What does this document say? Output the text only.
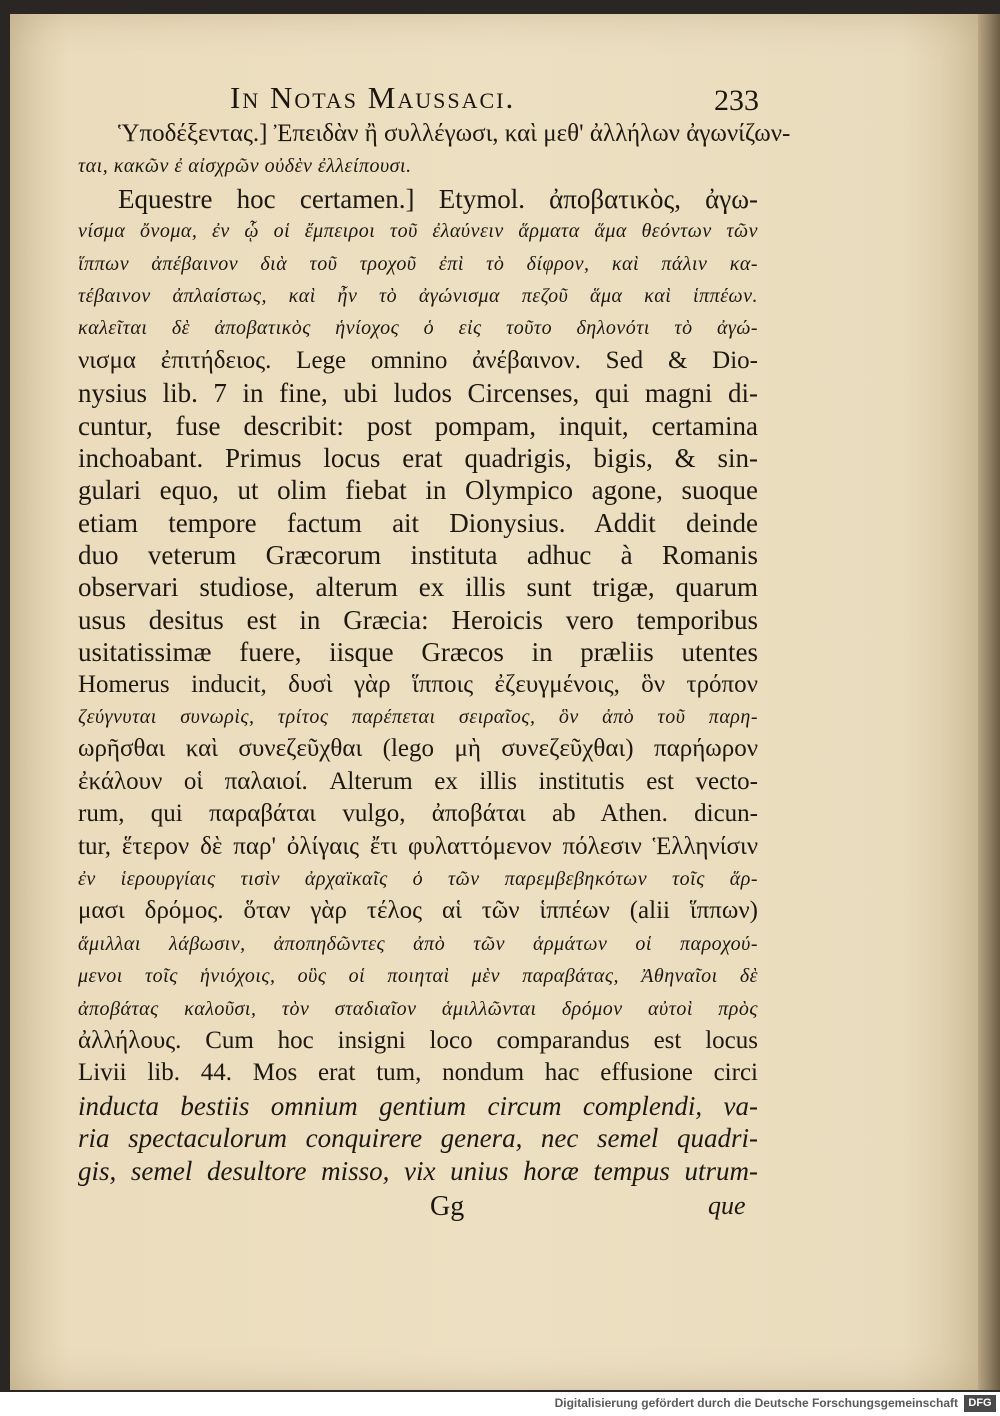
In Notas Maussaci.	233
Ὑποδέξεντας.] Ἐπειδὰν ἢ συλλέγωσι, καὶ μεθ' ἀλλήλων ἀγωνίζων-
ται, κακῶν ἐ αἰσχρῶν οὐδὲν ἐλλείπουσι.
Equestre hoc certamen.] Etymol. ἀποβατικὸς, ἀγω-
νίσμα ὄνομα, ἐν ᾧ οἱ ἔμπειροι τοῦ ἐλαύνειν ἅρματα ἅμα θεόντων τῶν
ἵππων ἀπέβαινον διὰ τοῦ τροχοῦ ἐπὶ τὸ δίφρον, καὶ πάλιν κα-
τέβαινον ἀπλαίστως, καὶ ἦν τὸ ἀγώνισμα πεζοῦ ἅμα καὶ ἱππέων.
καλεῖται δὲ ἀποβατικὸς ἡνίοχος ὁ εἰς τοῦτο δηλονότι τὸ ἀγώ-
νισμα ἐπιτήδειος. Lege omnino ἀνέβαινον. Sed & Dio-
nysius lib. 7 in fine, ubi ludos Circenses, qui magni di-
cuntur, fuse describit: post pompam, inquit, certamina
inchoabant. Primus locus erat quadrigis, bigis, & sin-
gulari equo, ut olim fiebat in Olympico agone, suoque
etiam tempore factum ait Dionysius. Addit deinde
duo veterum Græcorum instituta adhuc à Romanis
observari studiose, alterum ex illis sunt trigæ, quarum
usus desitus est in Græcia: Heroicis vero temporibus
usitatissimæ fuere, iisque Græcos in præliis utentes
Homerus inducit, δυσὶ γὰρ ἵπποις ἐζευγμένοις, ὃν τρόπον
ζεύγνυται συνωρὶς, τρίτος παρέπεται σειραῖος, ὃν ἀπὸ τοῦ παρη-
ωρῆσθαι καὶ συνεζεῦχθαι (lego μὴ συνεζεῦχθαι) παρήωρον
ἐκάλουν οἱ παλαιοί. Alterum ex illis institutis est vecto-
rum, qui παραβάται vulgo, ἀποβάται ab Athen. dicun-
tur, ἕτερον δὲ παρ' ὀλίγαις ἔτι φυλαττόμενον πόλεσιν Ἑλληνίσιν
ἐν ἱερουργίαις τισὶν ἀρχαϊκαῖς ὁ τῶν παρεμβεβηκότων τοῖς ἅρ-
μασι δρόμος. ὅταν γὰρ τέλος αἱ τῶν ἱππέων (alii ἵππων)
ἅμιλλαι λάβωσιν, ἀποπηδῶντες ἀπὸ τῶν ἁρμάτων οἱ παροχού-
μενοι τοῖς ἡνιόχοις, οὓς οἱ ποιηταὶ μὲν παραβάτας, Ἀθηναῖοι δὲ
ἀποβάτας καλοῦσι, τὸν σταδιαῖον ἁμιλλῶνται δρόμον αὐτοὶ πρὸς
ἀλλήλους. Cum hoc insigni loco comparandus est locus
Livii lib. 44. Mos erat tum, nondum hac effusione circi
inducta bestiis omnium gentium circum complendi, va-
ria spectaculorum conquirere genera, nec semel quadri-
gis, semel desultore misso, vix unius horæ tempus utrum-
Gg	que
Digitalisierung gefördert durch die Deutsche Forschungsgemeinschaft DFG
